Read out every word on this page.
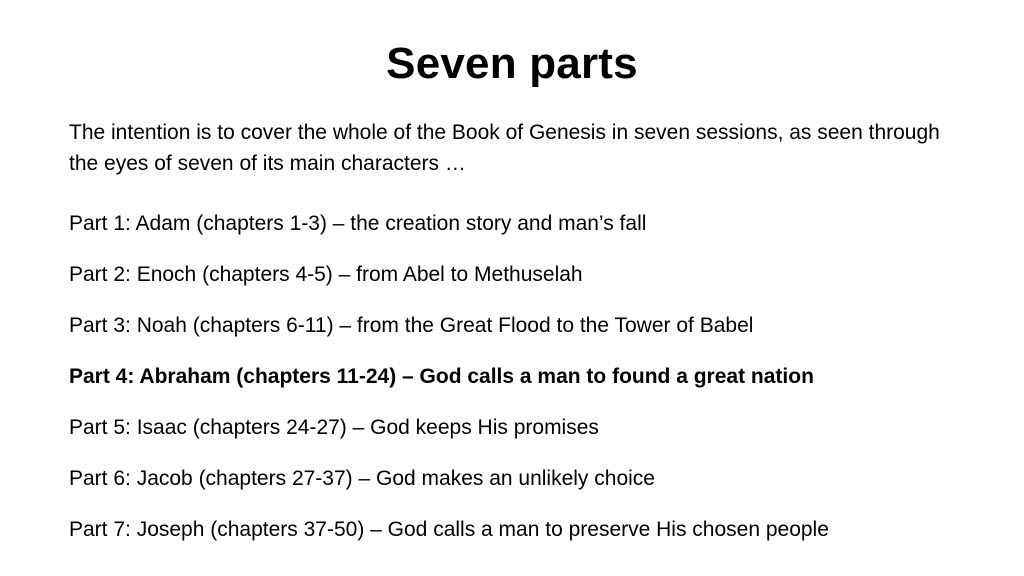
Seven parts
The intention is to cover the whole of the Book of Genesis in seven sessions, as seen through the eyes of seven of its main characters …
Part 1: Adam (chapters 1-3) – the creation story and man’s fall
Part 2: Enoch (chapters 4-5) – from Abel to Methuselah
Part 3: Noah (chapters 6-11) – from the Great Flood to the Tower of Babel
Part 4: Abraham (chapters 11-24) – God calls a man to found a great nation
Part 5: Isaac (chapters 24-27) – God keeps His promises
Part 6: Jacob (chapters 27-37) – God makes an unlikely choice
Part 7: Joseph (chapters 37-50) – God calls a man to preserve His chosen people
